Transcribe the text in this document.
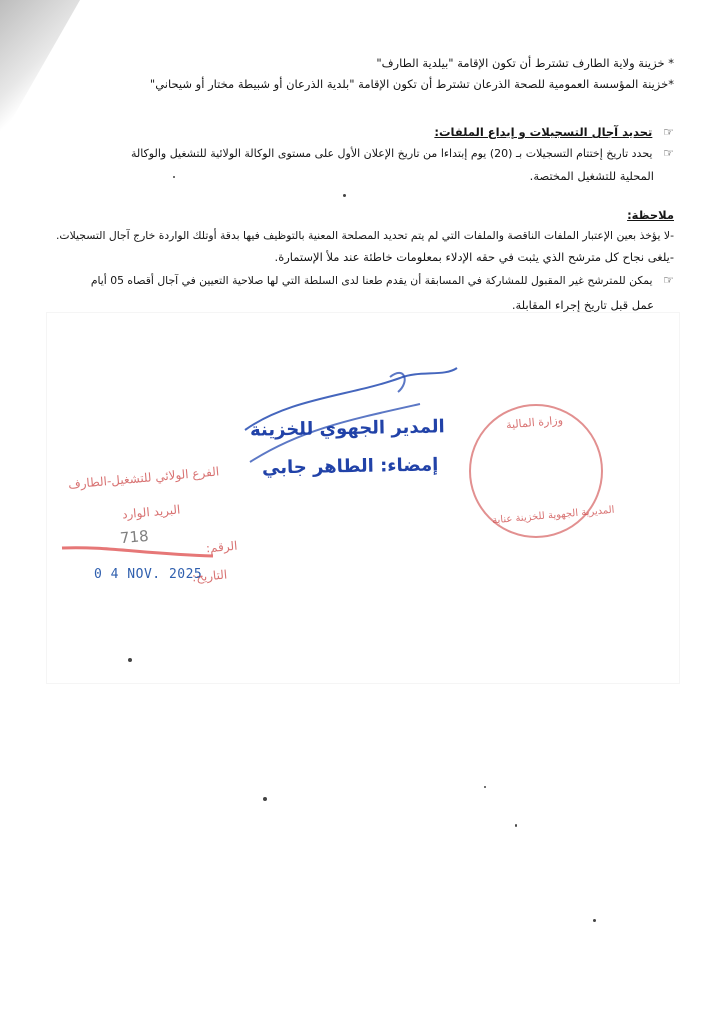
* خزينة ولاية الطارف تشترط أن تكون الإقامة "بيلدية الطارف"
*خزينة المؤسسة العمومية للصحة الذرعان تشترط أن تكون الإقامة "بلدية الذرعان أو شبيطة مختار أو شيحاني"
☞ تحديد آجال التسجيلات و إيداع الملفات:
☞ يحدد تاريخ إختتام التسجيلات بـ (20) يوم إبتداءا من تاريخ الإعلان الأول على مستوى الوكالة الولائية للتشغيل والوكالة
المحلية للتشغيل المختصة.
ملاحظة:
-لا يؤخذ بعين الإعتبار الملفات الناقصة والملفات التي لم يتم تحديد المصلحة المعنية بالتوظيف فيها بدقة أوتلك الواردة خارج آجال التسجيلات.
-يلغى نجاح كل مترشح الذي يثبت في حقه الإدلاء بمعلومات خاطئة عند ملأ الإستمارة.
☞ يمكن للمترشح غير المقبول للمشاركة في المسابقة أن يقدم طعنا لدى السلطة التي لها صلاحية التعيين في آجال أقصاه 05 أيام
عمل قبل تاريخ إجراء المقابلة.
المدير الجهوي للخزينة
إمضاء: الطاهر جابي
وزارة المالية
المديرية الجهوية للخزينة عنابة
الفرع الولائي للتشغيل-الطارف
البريد الوارد
الرقم:
718
التاريخ:
0 4 NOV. 2025
